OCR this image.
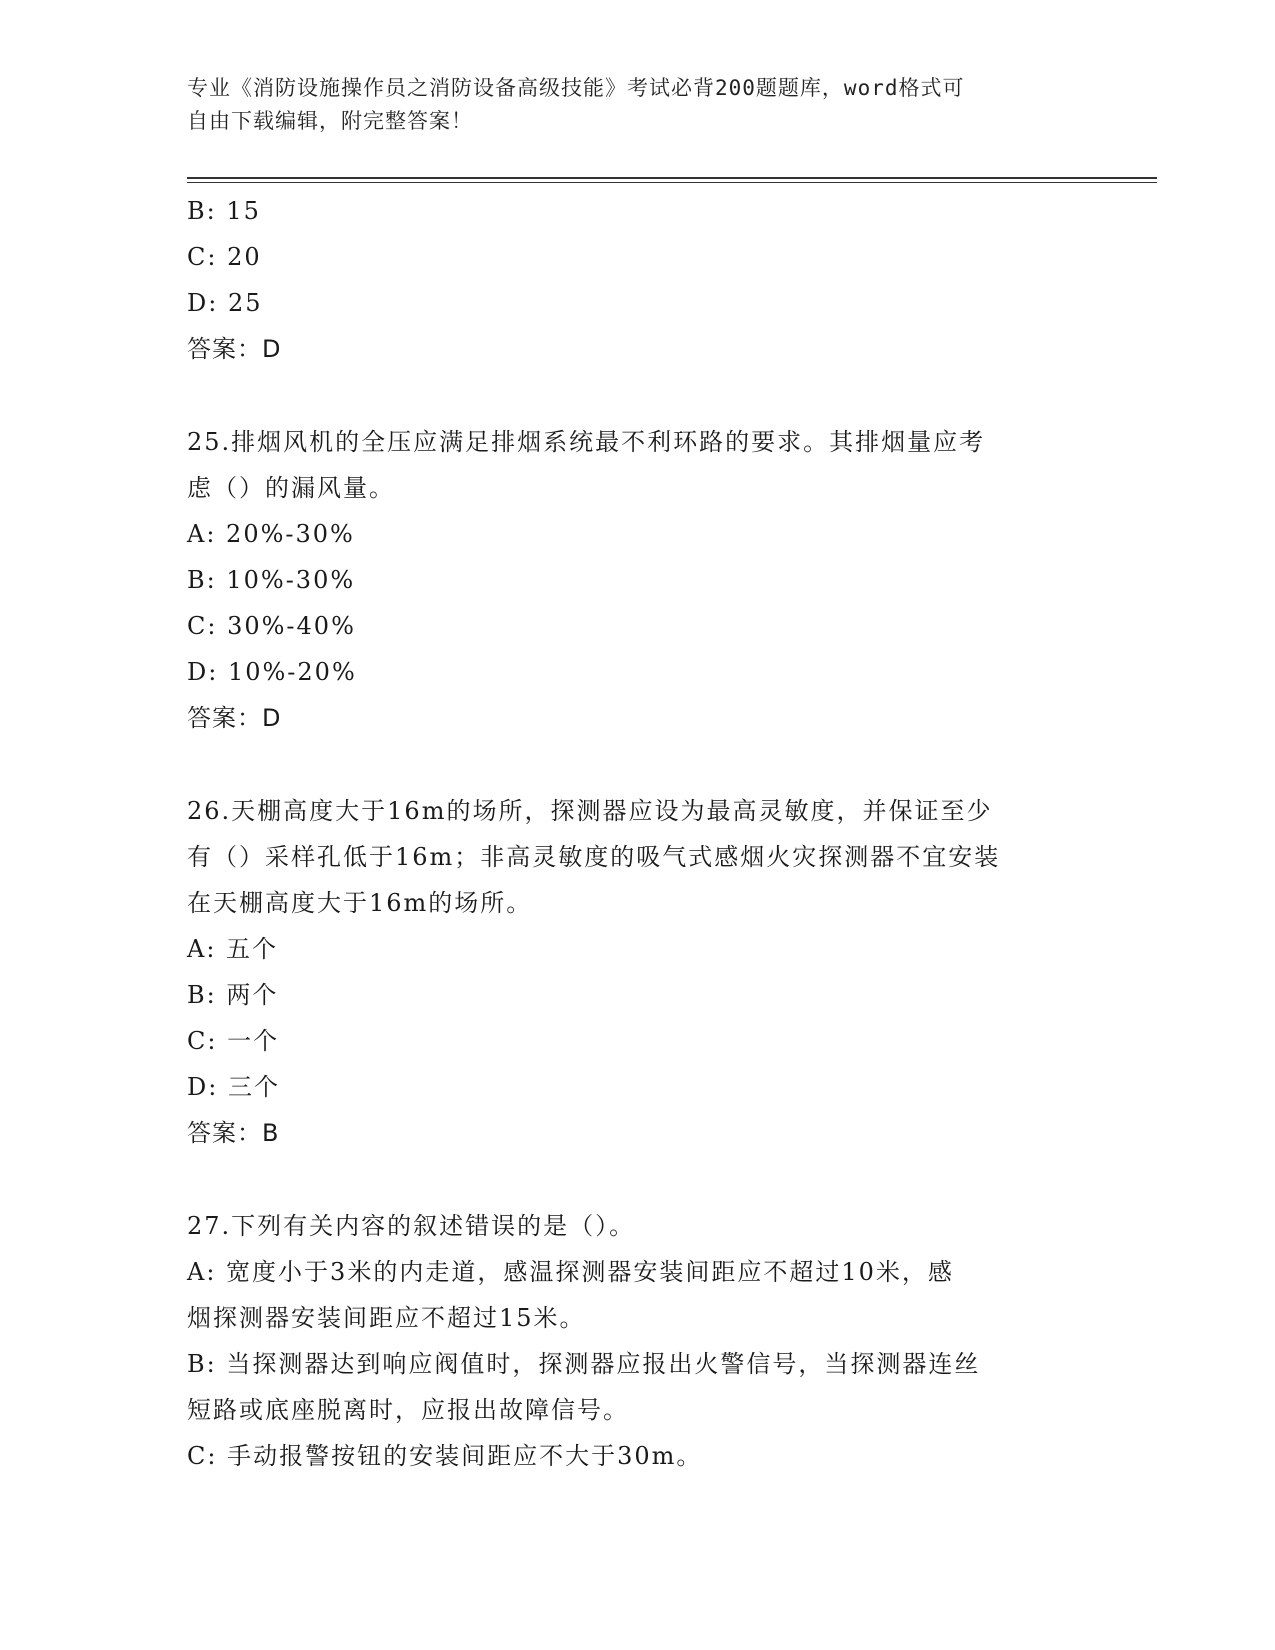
专业《消防设施操作员之消防设备高级技能》考试必背200题题库，word格式可
自由下载编辑，附完整答案！
B: 15
C: 20
D: 25
答案：D
25.排烟风机的全压应满足排烟系统最不利环路的要求。其排烟量应考
虑（）的漏风量。
A: 20%-30%
B: 10%-30%
C: 30%-40%
D: 10%-20%
答案：D
26.天棚高度大于16m的场所，探测器应设为最高灵敏度，并保证至少
有（）采样孔低于16m；非高灵敏度的吸气式感烟火灾探测器不宜安装
在天棚高度大于16m的场所。
A: 五个
B: 两个
C: 一个
D: 三个
答案：B
27.下列有关内容的叙述错误的是（）。
A: 宽度小于3米的内走道，感温探测器安装间距应不超过10米，感
烟探测器安装间距应不超过15米。
B: 当探测器达到响应阀值时，探测器应报出火警信号，当探测器连丝
短路或底座脱离时，应报出故障信号。
C: 手动报警按钮的安装间距应不大于30m。
